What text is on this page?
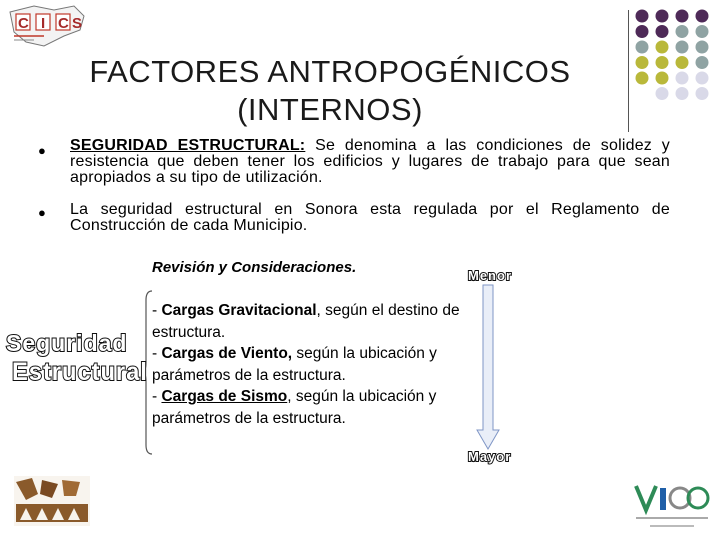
C I C S
FACTORES ANTROPOGÉNICOS
(INTERNOS)
● SEGURIDAD ESTRUCTURAL: Se denomina a las condiciones de solidez y resistencia que deben tener los edificios y lugares de trabajo para que sean apropiados a su tipo de utilización.
● La seguridad estructural en Sonora esta regulada por el Reglamento de Construcción de cada Municipio.
Revisión y Consideraciones.
- Cargas Gravitacional, según el destino de estructura.
- Cargas de Viento, según la ubicación y parámetros de la estructura.
- Cargas de Sismo, según la ubicación y parámetros de la estructura.
Seguridad
Estructural
Menor
Mayor
